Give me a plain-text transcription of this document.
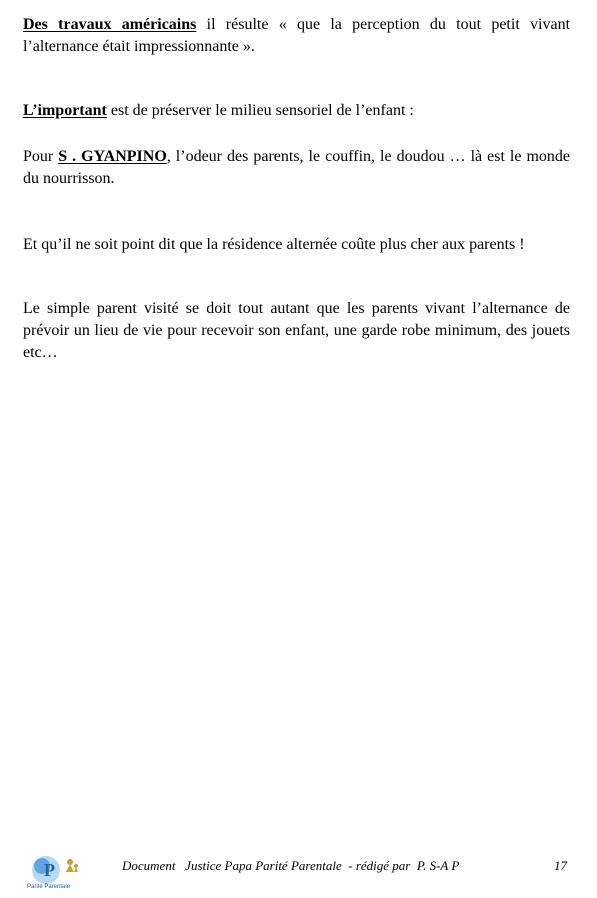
Des travaux américains il résulte « que la perception du tout petit vivant l’alternance était impressionnante ».

L’important est de préserver le milieu sensoriel de l’enfant :

Pour S . GYANPINO, l’odeur des parents, le couffin, le doudou … là est le monde du nourrisson.

Et qu’il ne soit point dit que la résidence alternée coûte plus cher aux parents !

Le simple parent visité se doit tout autant que les parents vivant l’alternance de prévoir un lieu de vie pour recevoir son enfant, une garde robe minimum, des jouets etc…

P
Parité Parentale
Document   Justice Papa Parité Parentale  - rédigé par  P. S-A P	17
